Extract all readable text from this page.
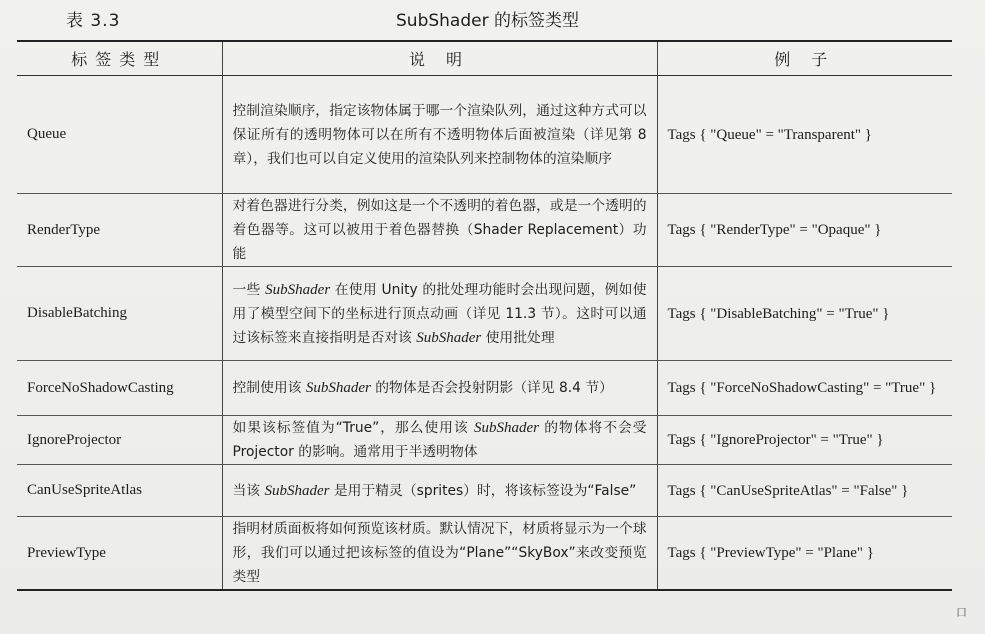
表 3.3	SubShader 的标签类型
标签类型	说 明	例 子
Queue	控制渲染顺序，指定该物体属于哪一个渲染队列，通过这种方式可以保证所有的透明物体可以在所有不透明物体后面被渲染（详见第 8 章），我们也可以自定义使用的渲染队列来控制物体的渲染顺序	Tags { "Queue" = "Transparent" }
RenderType	对着色器进行分类，例如这是一个不透明的着色器，或是一个透明的着色器等。这可以被用于着色器替换（Shader Replacement）功能	Tags { "RenderType" = "Opaque" }
DisableBatching	一些 SubShader 在使用 Unity 的批处理功能时会出现问题，例如使用了模型空间下的坐标进行顶点动画（详见 11.3 节）。这时可以通过该标签来直接指明是否对该 SubShader 使用批处理	Tags { "DisableBatching" = "True" }
ForceNoShadowCasting	控制使用该 SubShader 的物体是否会投射阴影（详见 8.4 节）	Tags { "ForceNoShadowCasting" = "True" }
IgnoreProjector	如果该标签值为“True”，那么使用该 SubShader 的物体将不会受 Projector 的影响。通常用于半透明物体	Tags { "IgnoreProjector" = "True" }
CanUseSpriteAtlas	当该 SubShader 是用于精灵（sprites）时，将该标签设为“False”	Tags { "CanUseSpriteAtlas" = "False" }
PreviewType	指明材质面板将如何预览该材质。默认情况下，材质将显示为一个球形，我们可以通过把该标签的值设为“Plane”“SkyBox”来改变预览类型	Tags { "PreviewType" = "Plane" }
口
